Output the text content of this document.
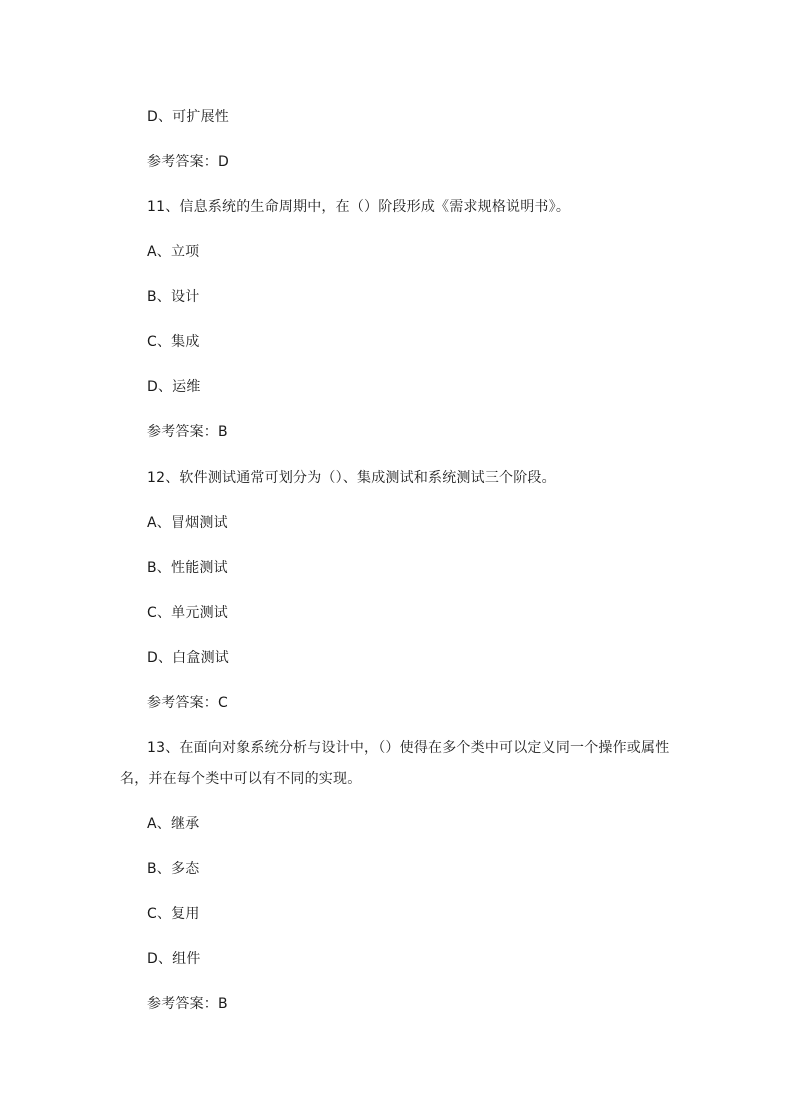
D、可扩展性
参考答案：D
11、信息系统的生命周期中，在（）阶段形成《需求规格说明书》。
A、立项
B、设计
C、集成
D、运维
参考答案：B
12、软件测试通常可划分为（）、集成测试和系统测试三个阶段。
A、冒烟测试
B、性能测试
C、单元测试
D、白盒测试
参考答案：C
13、在面向对象系统分析与设计中，（）使得在多个类中可以定义同一个操作或属性
名，并在每个类中可以有不同的实现。
A、继承
B、多态
C、复用
D、组件
参考答案：B
